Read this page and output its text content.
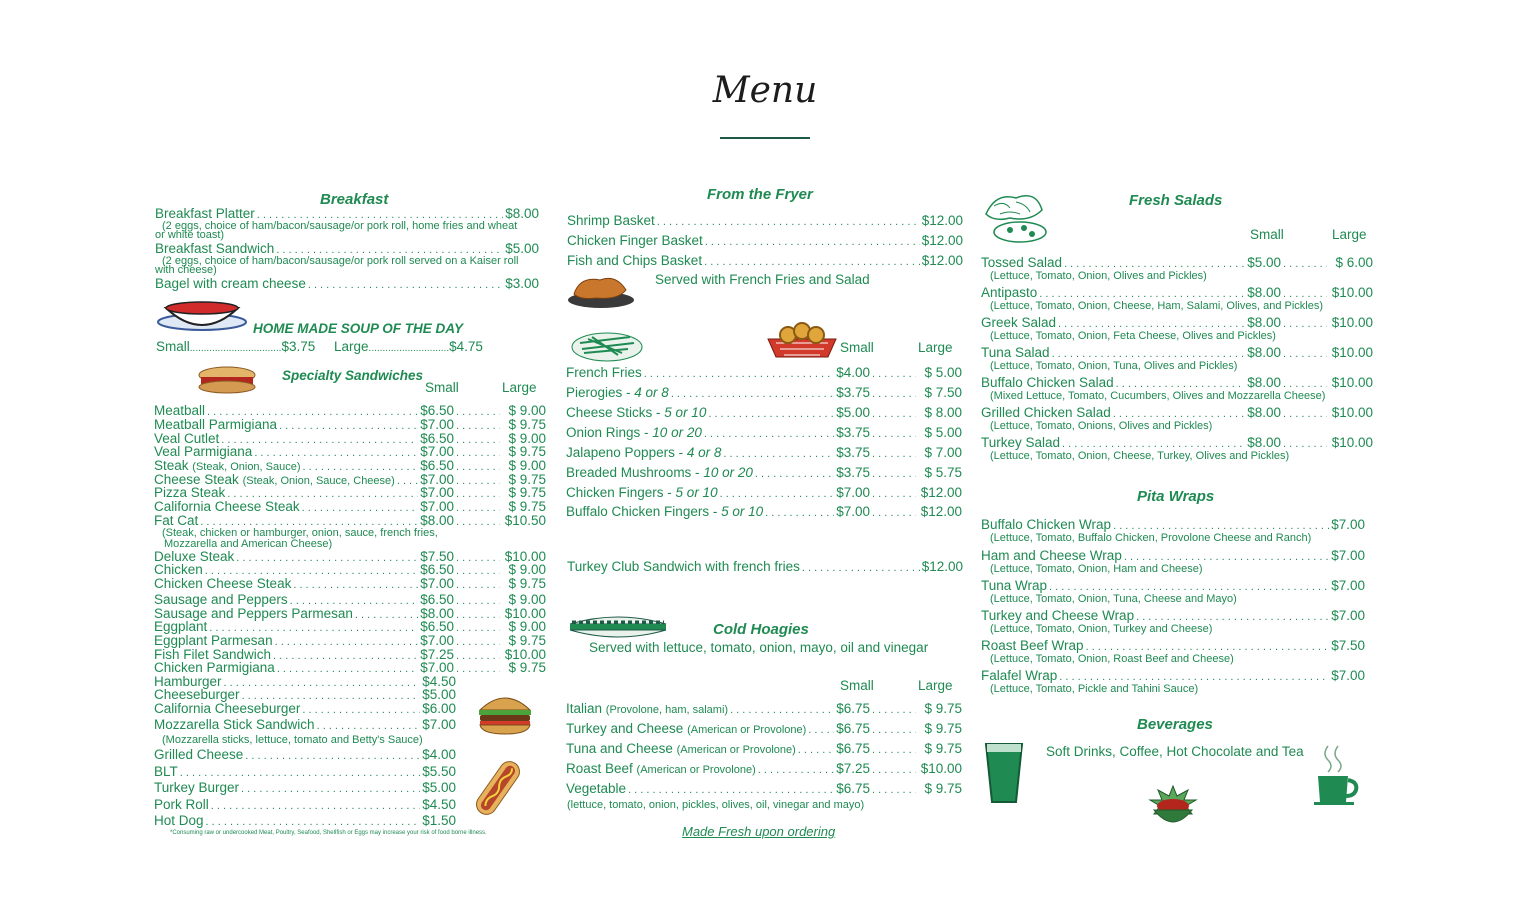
Menu
Breakfast
Breakfast Platter . . .	$8.00
(2 eggs, choice of ham/bacon/sausage/or pork roll, home fries and wheat
or white toast)
Breakfast Sandwich . . .	$5.00
(2 eggs, choice of ham/bacon/sausage/or pork roll served on a Kaiser roll
with cheese)
Bagel with cream cheese . . .	$3.00
HOME MADE SOUP OF THE DAY
Small.................................$3.75 Large.............................$4.75
Specialty Sandwiches
Small	Large
Meatball . . .	$6.50 . . .	$ 9.00
Meatball Parmigiana . . .	$7.00 . . .	$ 9.75
Veal Cutlet . . .	$6.50 . . .	$ 9.00
Veal Parmigiana . . .	$7.00 . . .	$ 9.75
Steak (Steak, Onion, Sauce) . . .	$6.50 . . .	$ 9.00
Cheese Steak (Steak, Onion, Sauce, Cheese) . . . $7.00 . . .	$ 9.75
Pizza Steak . . .	$7.00 . . .	$ 9.75
California Cheese Steak . . .	$7.00 . . .	$ 9.75
Fat Cat . . .	$8.00 . . .	$10.50
Deluxe Steak . . .	$7.50 . . .	$10.00
Chicken . . .	$6.50 . . .	$ 9.00
Chicken Cheese Steak . . .	$7.00 . . .	$ 9.75
Sausage and Peppers . . .	$6.50 . . .	$ 9.00
Sausage and Peppers Parmesan . . .	$8.00 . . .	$10.00
Eggplant . . .	$6.50 . . .	$ 9.00
Eggplant Parmesan . . .	$7.00 . . .	$ 9.75
Fish Filet Sandwich . . .	$7.25 . . .	$10.00
Chicken Parmigiana . . .	$7.00 . . .	$ 9.75
(Steak, chicken or hamburger, onion, sauce, french fries,
Mozzarella and American Cheese)
Hamburger . . .	$4.50
Cheeseburger . . .	$5.00
California Cheeseburger . . .	$6.00
Mozzarella Stick Sandwich . . .	$7.00
Grilled Cheese . . .	$4.00
BLT . . .	$5.50
Turkey Burger . . .	$5.00
Pork Roll . . .	$4.50
Hot Dog . . .	$1.50
(Mozzarella sticks, lettuce, tomato and Betty's Sauce)
*Consuming raw or undercooked Meat, Poultry, Seafood, Shellfish or Eggs may increase your risk of food borne illness.
From the Fryer
Shrimp Basket . . .	$12.00
Chicken Finger Basket . . .	$12.00
Fish and Chips Basket . . .	$12.00
Served with French Fries and Salad
Small	Large
French Fries . . .	$4.00 . . .	$ 5.00
Pierogies - 4 or 8 . . .	$3.75 . . .	$ 7.50
Cheese Sticks - 5 or 10 . . .	$5.00 . . .	$ 8.00
Onion Rings - 10 or 20 . . .	$3.75 . . .	$ 5.00
Jalapeno Poppers - 4 or 8 . . .	$3.75 . . .	$ 7.00
Breaded Mushrooms - 10 or 20 . . .	$3.75 . . .	$ 5.75
Chicken Fingers - 5 or 10 . . .	$7.00 . . .	$12.00
Buffalo Chicken Fingers - 5 or 10 . . .	$7.00 . . .	$12.00
Turkey Club Sandwich with french fries . . .	$12.00
Cold Hoagies
Served with lettuce, tomato, onion, mayo, oil and vinegar
Small	Large
Italian (Provolone, ham, salami) . . .	$6.75 . . .	$ 9.75
Turkey and Cheese (American or Provolone) . . . $6.75 . . .	$ 9.75
Tuna and Cheese (American or Provolone) . . .	$6.75 . . .	$ 9.75
Roast Beef (American or Provolone) . . .	$7.25 . . .	$10.00
Vegetable . . .	$6.75 . . .	$ 9.75
(lettuce, tomato, onion, pickles, olives, oil, vinegar and mayo)
Made Fresh upon ordering
Fresh Salads
Small	Large
Tossed Salad . . .	$5.00 . . .	$ 6.00
(Lettuce, Tomato, Onion, Olives and Pickles)
Antipasto . . .	$8.00 . . .	$10.00
(Lettuce, Tomato, Onion, Cheese, Ham, Salami, Olives, and Pickles)
Greek Salad . . .	$8.00 . . .	$10.00
(Lettuce, Tomato, Onion, Feta Cheese, Olives and Pickles)
Tuna Salad . . .	$8.00 . . .	$10.00
(Lettuce, Tomato, Onion, Tuna, Olives and Pickles)
Buffalo Chicken Salad . . .	$8.00 . . .	$10.00
(Mixed Lettuce, Tomato, Cucumbers, Olives and Mozzarella Cheese)
Grilled Chicken Salad . . .	$8.00 . . .	$10.00
(Lettuce, Tomato, Onions, Olives and Pickles)
Turkey Salad . . .	$8.00 . . .	$10.00
(Lettuce, Tomato, Onion, Cheese, Turkey, Olives and Pickles)
Pita Wraps
Buffalo Chicken Wrap . . .	$7.00
(Lettuce, Tomato, Buffalo Chicken, Provolone Cheese and Ranch)
Ham and Cheese Wrap . . .	$7.00
(Lettuce, Tomato, Onion, Ham and Cheese)
Tuna Wrap . . .	$7.00
(Lettuce, Tomato, Onion, Tuna, Cheese and Mayo)
Turkey and Cheese Wrap . . .	$7.00
(Lettuce, Tomato, Onion, Turkey and Cheese)
Roast Beef Wrap . . .	$7.50
(Lettuce, Tomato, Onion, Roast Beef and Cheese)
Falafel Wrap . . .	$7.00
(Lettuce, Tomato, Pickle and Tahini Sauce)
Beverages
Soft Drinks, Coffee, Hot Chocolate and Tea
